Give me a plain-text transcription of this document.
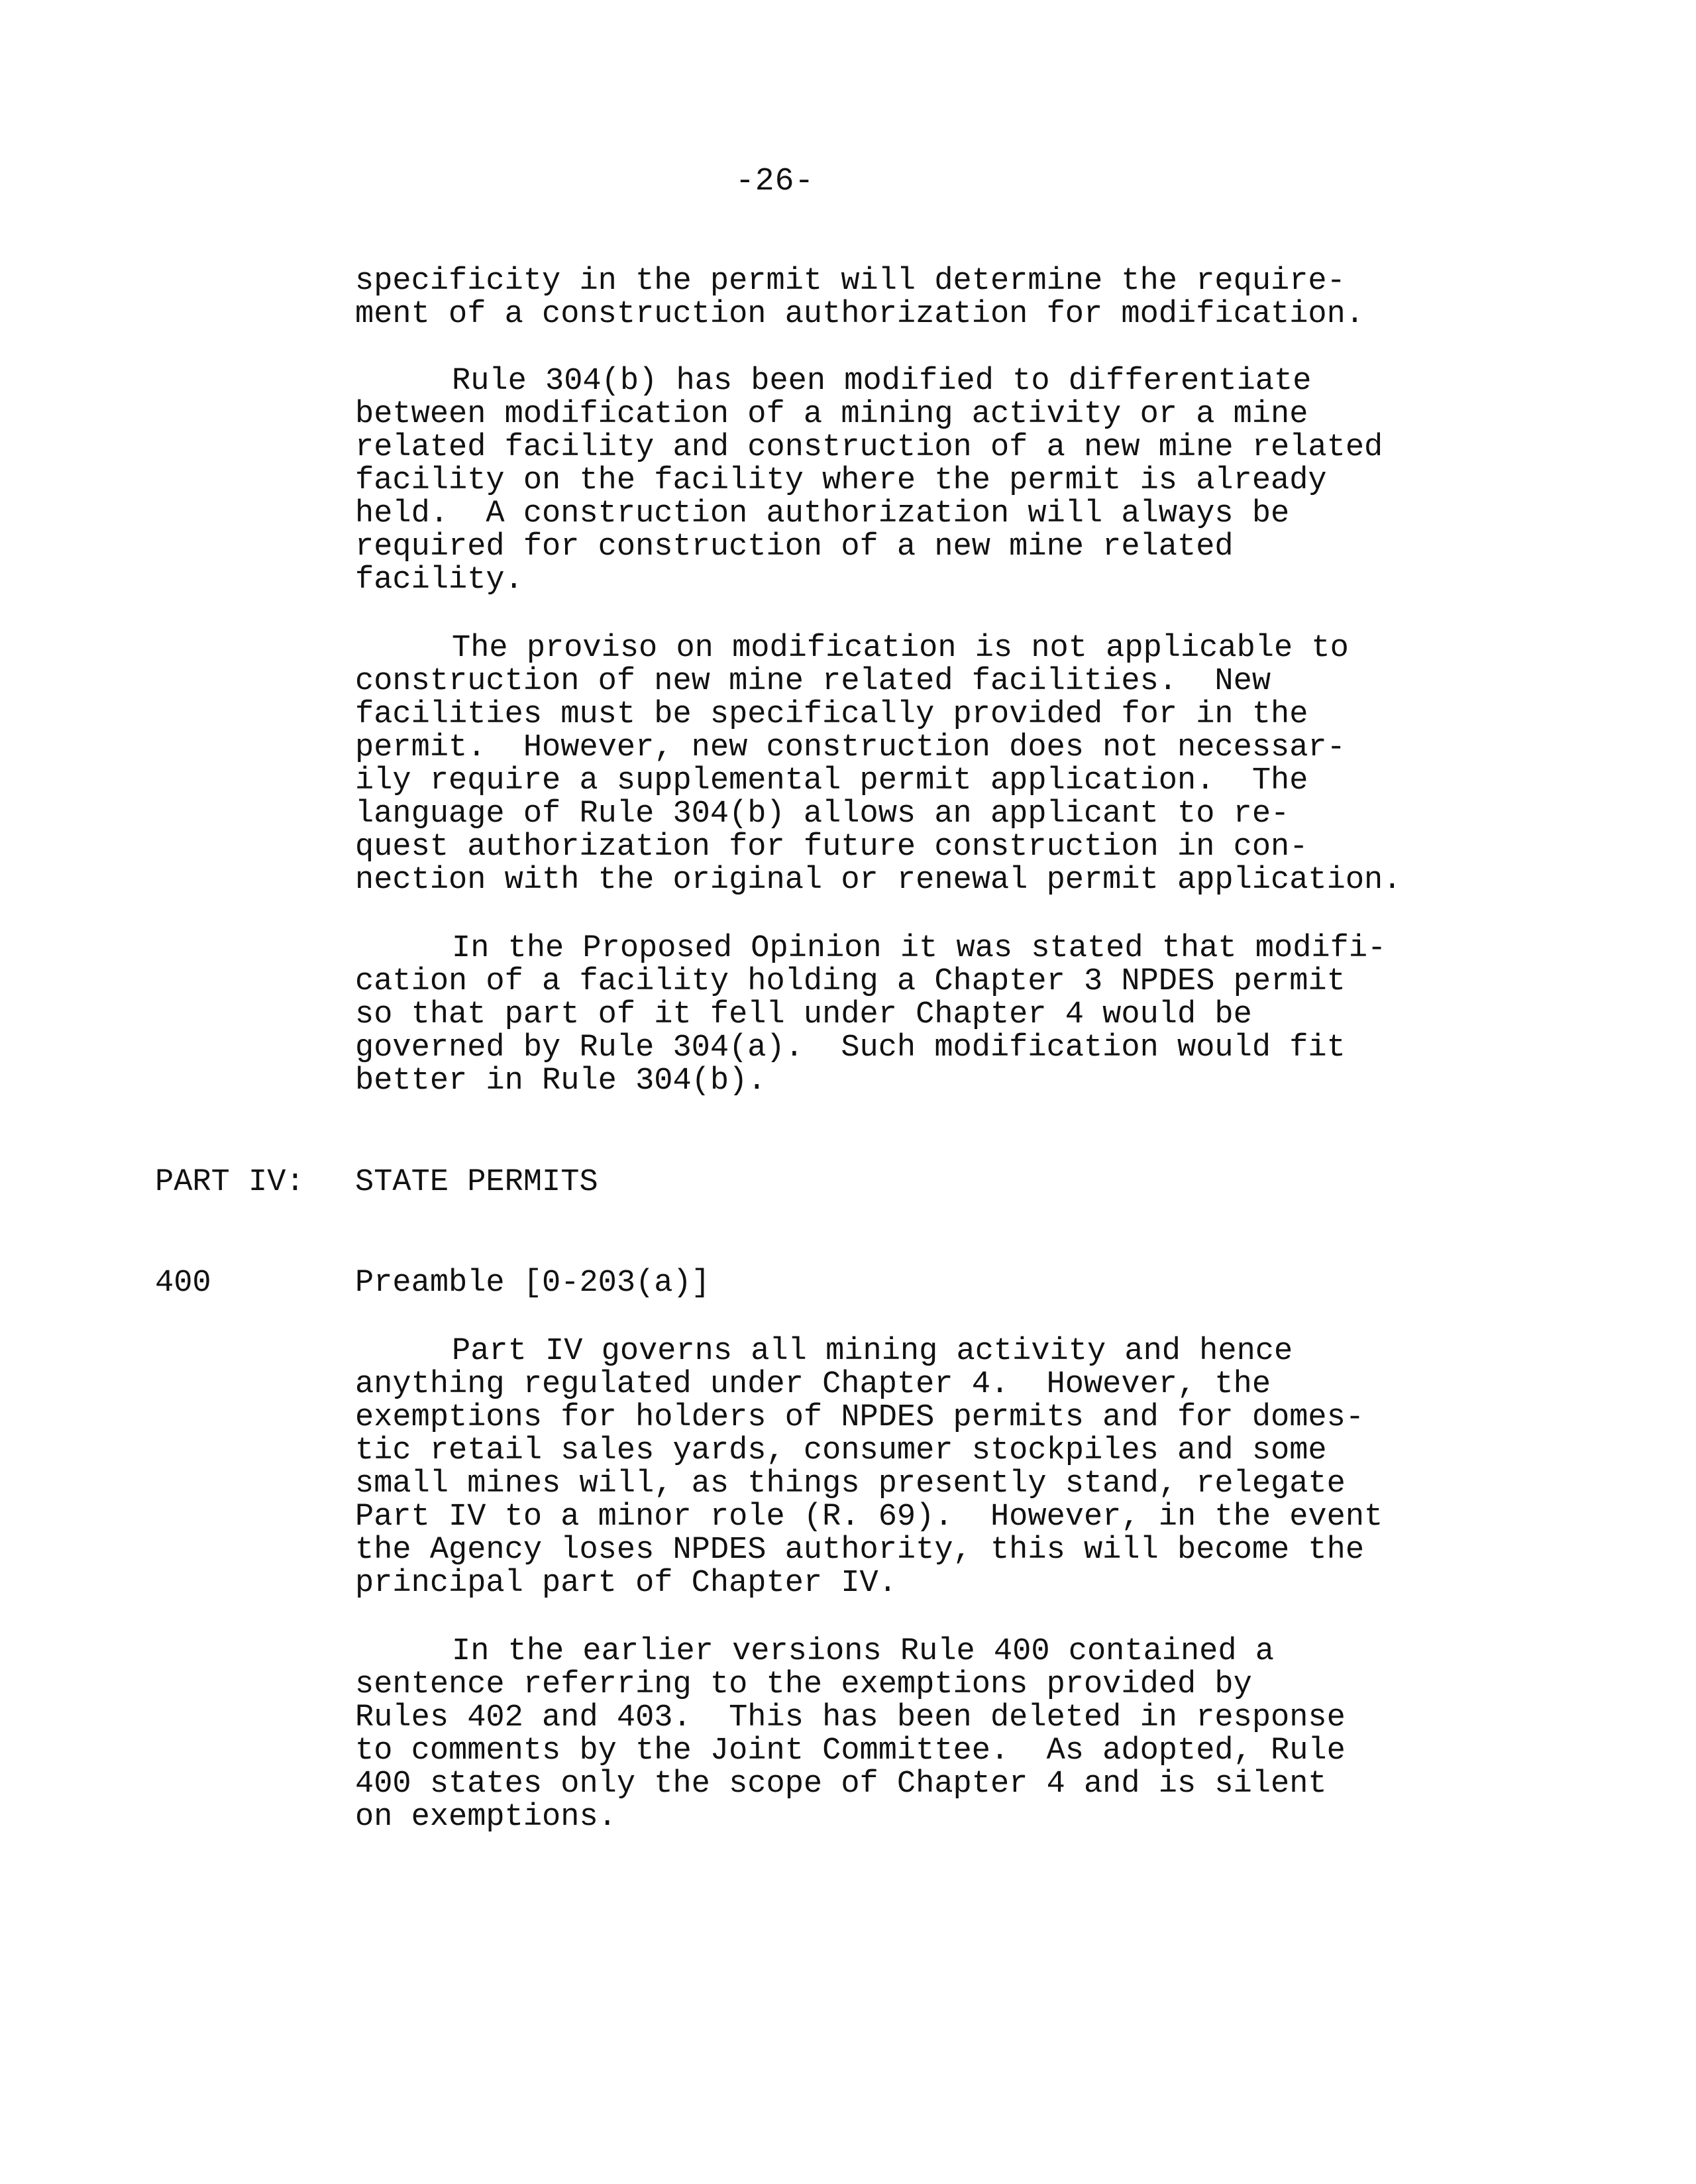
-26-
specificity in the permit will determine the require-
ment of a construction authorization for modification.
Rule 304(b) has been modified to differentiate
between modification of a mining activity or a mine
related facility and construction of a new mine related
facility on the facility where the permit is already
held.  A construction authorization will always be
required for construction of a new mine related
facility.
The proviso on modification is not applicable to
construction of new mine related facilities.  New
facilities must be specifically provided for in the
permit.  However, new construction does not necessar-
ily require a supplemental permit application.  The
language of Rule 304(b) allows an applicant to re-
quest authorization for future construction in con-
nection with the original or renewal permit application.
In the Proposed Opinion it was stated that modifi-
cation of a facility holding a Chapter 3 NPDES permit
so that part of it fell under Chapter 4 would be
governed by Rule 304(a).  Such modification would fit
better in Rule 304(b).
PART IV: STATE PERMITS
400	Preamble [0-203(a)]
Part IV governs all mining activity and hence
anything regulated under Chapter 4.  However, the
exemptions for holders of NPDES permits and for domes-
tic retail sales yards, consumer stockpiles and some
small mines will, as things presently stand, relegate
Part IV to a minor role (R. 69).  However, in the event
the Agency loses NPDES authority, this will become the
principal part of Chapter IV.
In the earlier versions Rule 400 contained a
sentence referring to the exemptions provided by
Rules 402 and 403.  This has been deleted in response
to comments by the Joint Committee.  As adopted, Rule
400 states only the scope of Chapter 4 and is silent
on exemptions.
